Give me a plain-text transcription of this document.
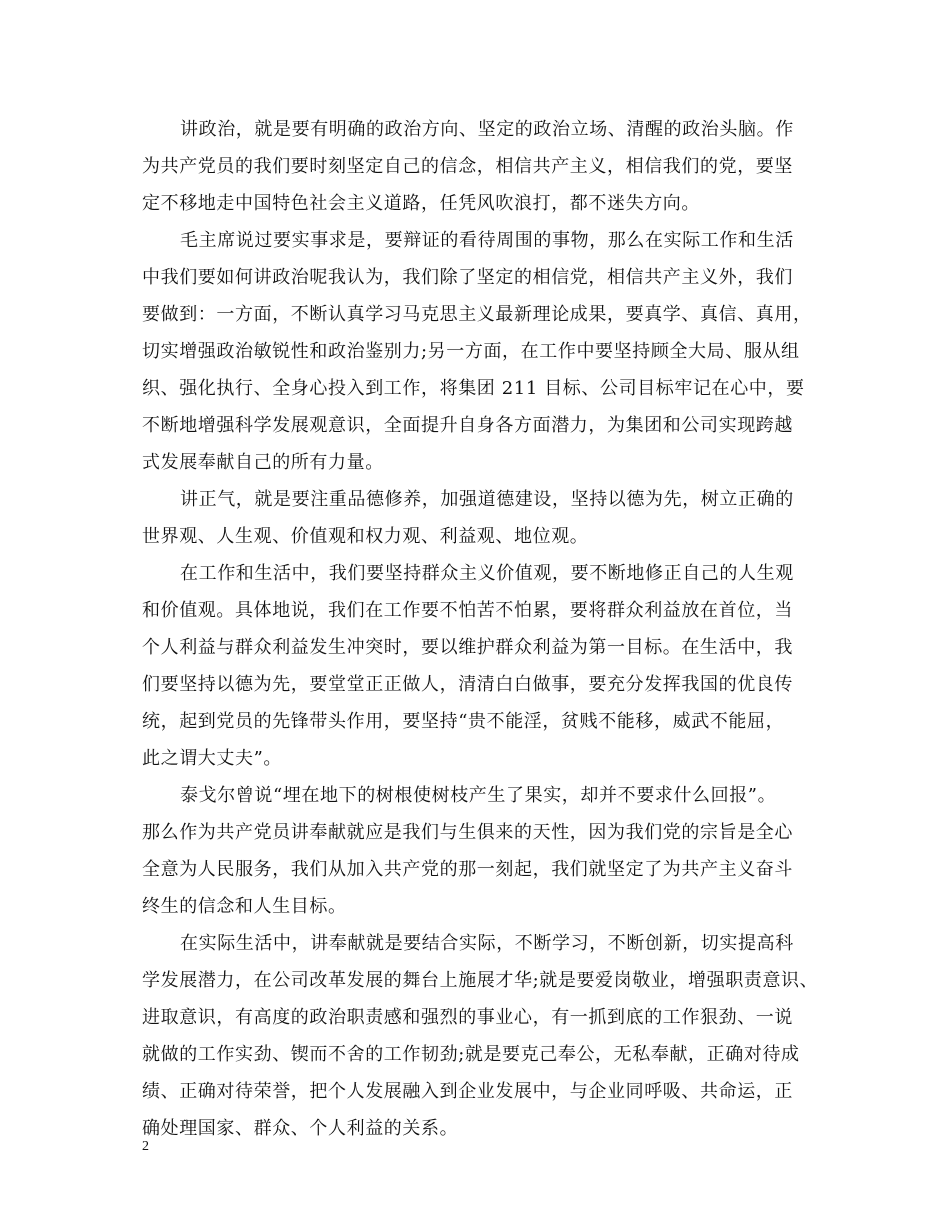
讲政治，就是要有明确的政治方向、坚定的政治立场、清醒的政治头脑。作
为共产党员的我们要时刻坚定自己的信念，相信共产主义，相信我们的党，要坚
定不移地走中国特色社会主义道路，任凭风吹浪打，都不迷失方向。
毛主席说过要实事求是，要辩证的看待周围的事物，那么在实际工作和生活
中我们要如何讲政治呢我认为，我们除了坚定的相信党，相信共产主义外，我们
要做到：一方面，不断认真学习马克思主义最新理论成果，要真学、真信、真用，
切实增强政治敏锐性和政治鉴别力;另一方面，在工作中要坚持顾全大局、服从组
织、强化执行、全身心投入到工作，将集团 211 目标、公司目标牢记在心中，要
不断地增强科学发展观意识，全面提升自身各方面潜力，为集团和公司实现跨越
式发展奉献自己的所有力量。
讲正气，就是要注重品德修养，加强道德建设，坚持以德为先，树立正确的
世界观、人生观、价值观和权力观、利益观、地位观。
在工作和生活中，我们要坚持群众主义价值观，要不断地修正自己的人生观
和价值观。具体地说，我们在工作要不怕苦不怕累，要将群众利益放在首位，当
个人利益与群众利益发生冲突时，要以维护群众利益为第一目标。在生活中，我
们要坚持以德为先，要堂堂正正做人，清清白白做事，要充分发挥我国的优良传
统，起到党员的先锋带头作用，要坚持“贵不能淫，贫贱不能移，威武不能屈，
此之谓大丈夫”。
泰戈尔曾说“埋在地下的树根使树枝产生了果实，却并不要求什么回报”。
那么作为共产党员讲奉献就应是我们与生俱来的天性，因为我们党的宗旨是全心
全意为人民服务，我们从加入共产党的那一刻起，我们就坚定了为共产主义奋斗
终生的信念和人生目标。
在实际生活中，讲奉献就是要结合实际，不断学习，不断创新，切实提高科
学发展潜力，在公司改革发展的舞台上施展才华;就是要爱岗敬业，增强职责意识、
进取意识，有高度的政治职责感和强烈的事业心，有一抓到底的工作狠劲、一说
就做的工作实劲、锲而不舍的工作韧劲;就是要克己奉公，无私奉献，正确对待成
绩、正确对待荣誉，把个人发展融入到企业发展中，与企业同呼吸、共命运，正
确处理国家、群众、个人利益的关系。
2
